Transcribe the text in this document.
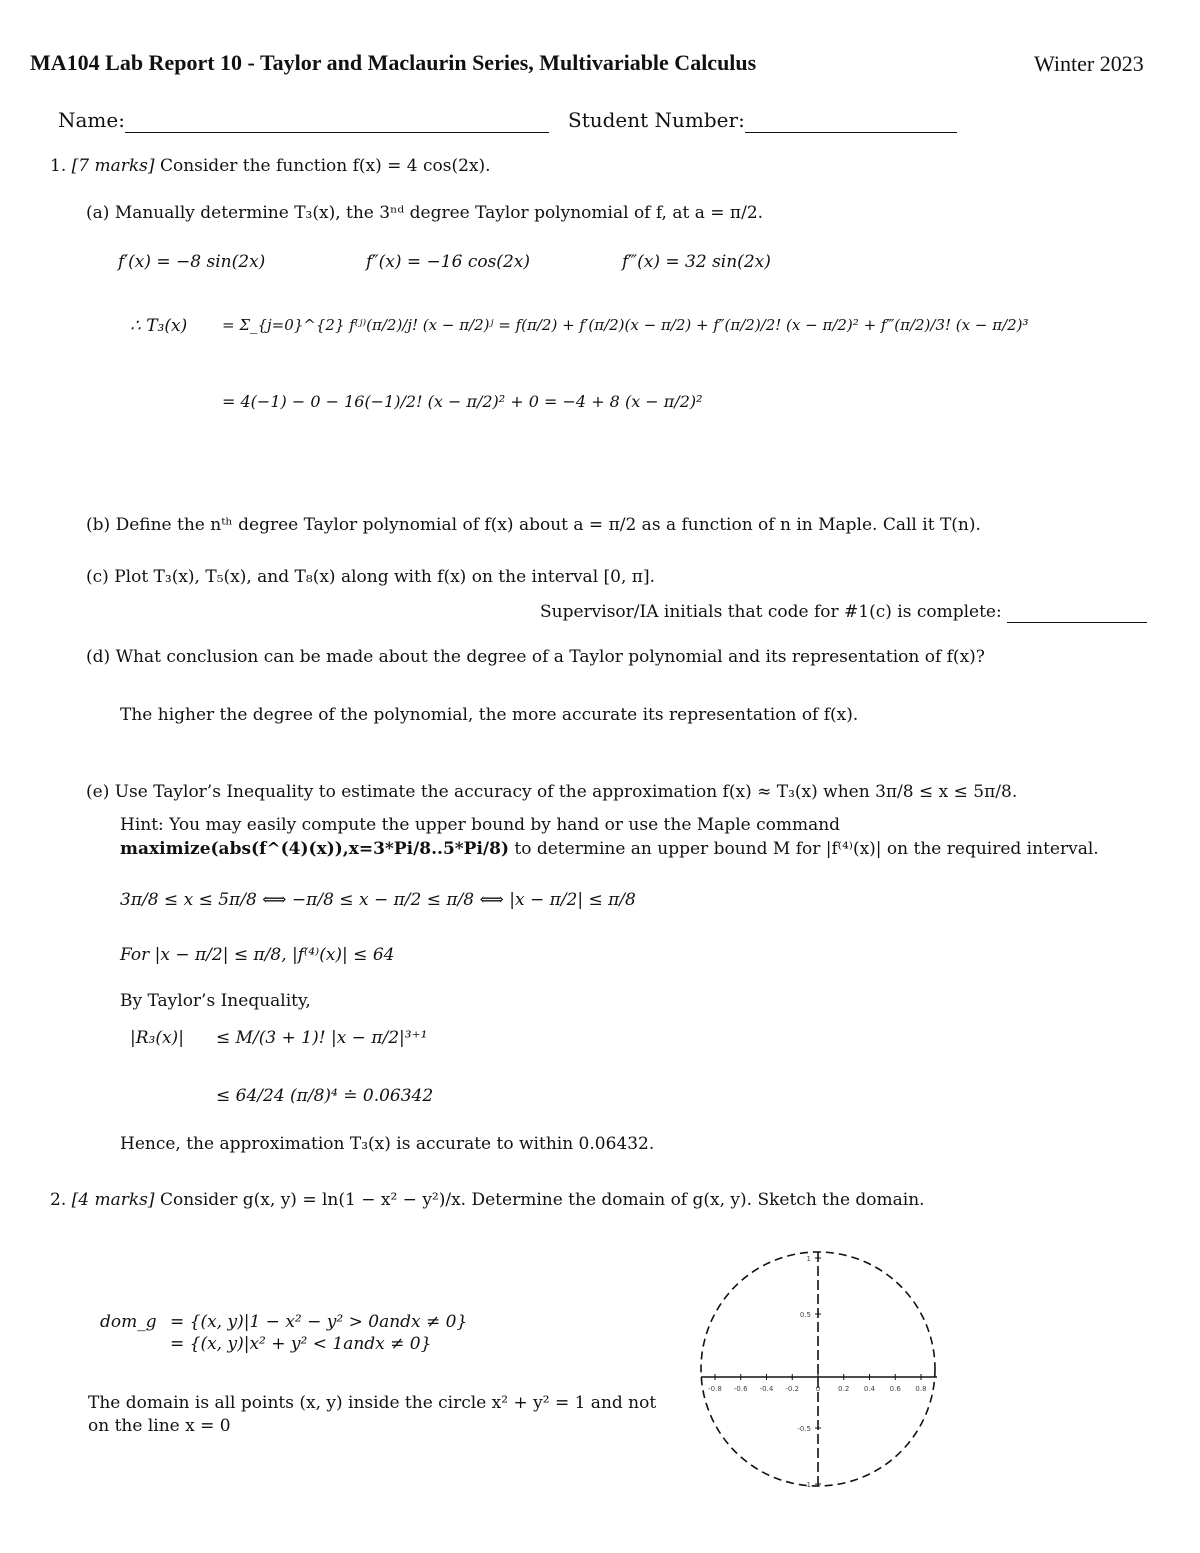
MA104 Lab Report 10 - Taylor and Maclaurin Series, Multivariable Calculus	Winter 2023
Name:	Student Number:
1. [7 marks] Consider the function f(x) = 4 cos(2x).
(a) Manually determine T₃(x), the 3ⁿᵈ degree Taylor polynomial of f, at a = π/2.
f′(x) = −8 sin(2x)	f″(x) = −16 cos(2x)	f‴(x) = 32 sin(2x)
∴ T₃(x) = Σ_{j=0}^{2} f⁽ʲ⁾(π/2)/j! (x − π/2)ʲ = f(π/2) + f′(π/2)(x − π/2) + f″(π/2)/2! (x − π/2)² + f‴(π/2)/3! (x − π/2)³
= 4(−1) − 0 − 16(−1)/2! (x − π/2)² + 0 = −4 + 8 (x − π/2)²
(b) Define the nᵗʰ degree Taylor polynomial of f(x) about a = π/2 as a function of n in Maple. Call it T(n).
(c) Plot T₃(x), T₅(x), and T₈(x) along with f(x) on the interval [0, π].
Supervisor/IA initials that code for #1(c) is complete:
(d) What conclusion can be made about the degree of a Taylor polynomial and its representation of f(x)?
The higher the degree of the polynomial, the more accurate its representation of f(x).
(e) Use Taylor’s Inequality to estimate the accuracy of the approximation f(x) ≈ T₃(x) when 3π/8 ≤ x ≤ 5π/8.
Hint: You may easily compute the upper bound by hand or use the Maple command
maximize(abs(f^(4)(x)),x=3*Pi/8..5*Pi/8) to determine an upper bound M for |f⁽⁴⁾(x)| on the required interval.
3π/8 ≤ x ≤ 5π/8 ⟺ −π/8 ≤ x − π/2 ≤ π/8 ⟺ |x − π/2| ≤ π/8
For |x − π/2| ≤ π/8, |f⁽⁴⁾(x)| ≤ 64
By Taylor’s Inequality,
|R₃(x)| ≤ M/(3 + 1)! |x − π/2|³⁺¹
≤ 64/24 (π/8)⁴ ≐ 0.06342
Hence, the approximation T₃(x) is accurate to within 0.06432.
2. [4 marks] Consider g(x, y) = ln(1 − x² − y²)/x. Determine the domain of g(x, y). Sketch the domain.
dom_g = {(x, y)|1 − x² − y² > 0andx ≠ 0}
= {(x, y)|x² + y² < 1andx ≠ 0}
The domain is all points (x, y) inside the circle x² + y² = 1 and not
on the line x = 0
-0.8 -0.6 -0.4 -0.2 0	0.2 0.4 0.6 0.8
1
0.5
-0.5
-1
